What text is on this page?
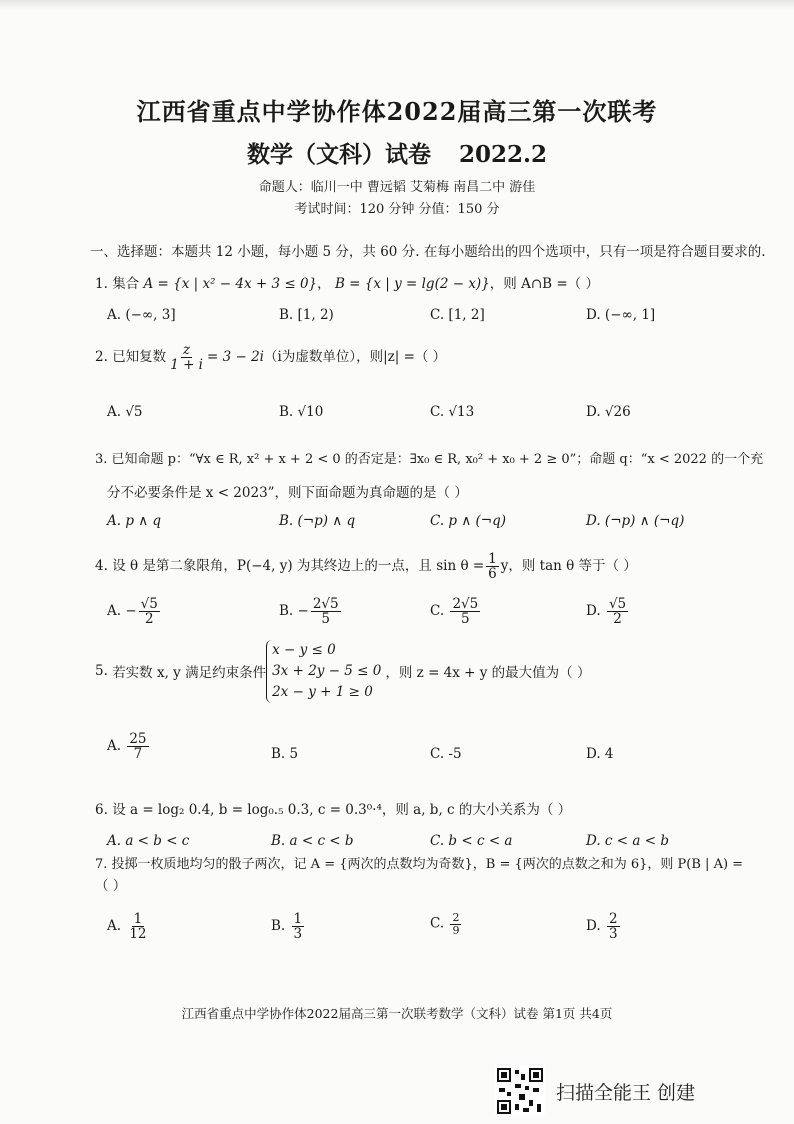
江西省重点中学协作体2022届高三第一次联考
数学（文科）试卷 2022.2
命题人：临川一中 曹远韬 艾菊梅 南昌二中 游佳
考试时间：120 分钟 分值：150 分
一、选择题：本题共 12 小题，每小题 5 分，共 60 分. 在每小题给出的四个选项中，只有一项是符合题目要求的.
1. 集合 A = {x | x² − 4x + 3 ≤ 0}， B = {x | y = lg(2 − x)}，则 A∩B =（ ）
A. (−∞, 3]	B. [1, 2)	C. [1, 2]	D. (−∞, 1]
2. 已知复数 $\frac{z}{1 + i} = 3 - 2i(i$为虚数单位），则|z| =（ ）
A. √5	B. √10	C. √13	D. √26
3. 已知命题 p：“∀x ∈ R, x² + x + 2 < 0 的否定是：∃x₀ ∈ R, x₀² + x₀ + 2 ≥ 0”；命题 q：“x < 2022 的一个充
分不必要条件是 x < 2023”，则下面命题为真命题的是（ ）
A. p ∧ q	B. (¬p) ∧ q	C. p ∧ (¬q)	D. (¬p) ∧ (¬q)
4. 设 θ 是第二象限角，P(−4, y) 为其终边上的一点，且 $\sin \theta = \frac{1}{6}$ y，则 tan θ 等于（ ）
A. − $\frac{√5}{2}$	B. − $\frac{2√5}{5}$	C. $\frac{2√5}{5}$	D. $\frac{√5}{2}$
5.
若实数 x, y 满足约束条件
x − y ≤ 0
3x + 2y − 5 ≤ 0
2x − y + 1 ≥ 0
，则 z = 4x + y 的最大值为（ ）
A. $\frac{25}{7}$	B. 5	C. -5	D. 4
6. 设 a = log₂ 0.4, b = log₀.₅ 0.3, c = 0.3⁰·⁴，则 a, b, c 的大小关系为（ ）
A. a < b < c	B. a < c < b	C. b < c < a	D. c < a < b
7. 投掷一枚质地均匀的骰子两次，记 A = {两次的点数均为奇数}，B = {两次的点数之和为 6}，则 P(B | A) =
（ ）
A. $\frac{1}{12}$	B. $\frac{1}{3}$	C. $\frac{2}{9}$	D. $\frac{2}{3}$
江西省重点中学协作体2022届高三第一次联考数学（文科）试卷 第1页 共4页
扫描全能王 创建
